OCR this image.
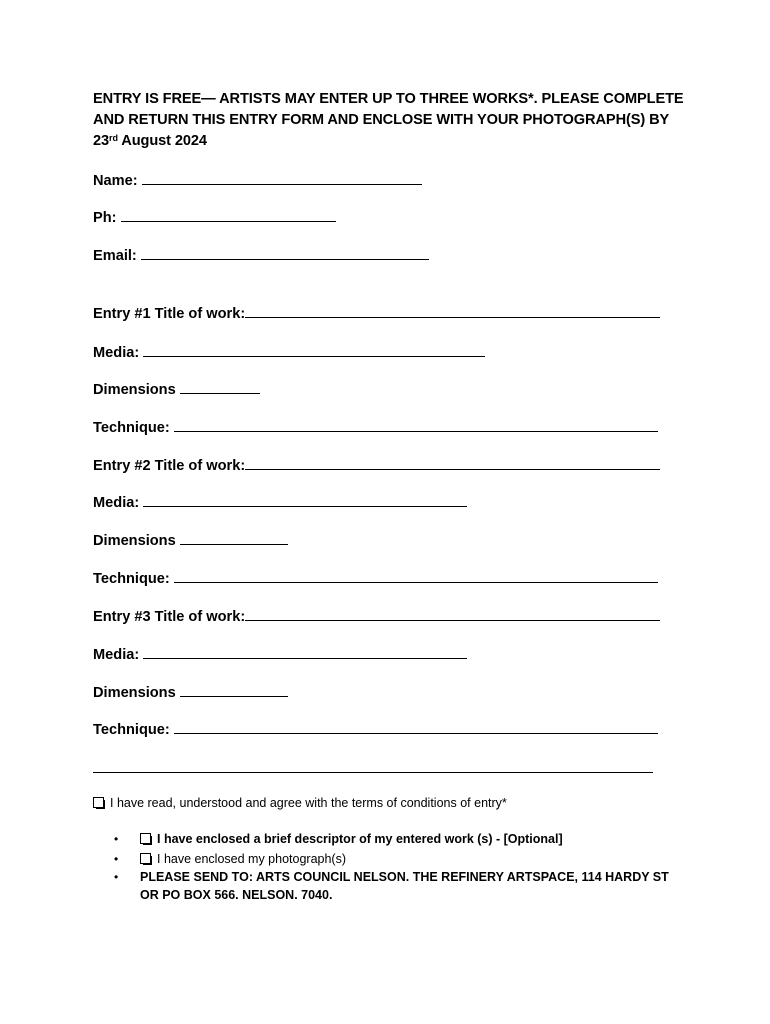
ENTRY IS FREE— ARTISTS MAY ENTER UP TO THREE WORKS*. PLEASE COMPLETE AND RETURN THIS ENTRY FORM AND ENCLOSE WITH YOUR PHOTOGRAPH(S) BY 23rd August 2024
Name:
Ph:
Email:
Entry #1 Title of work:
Media:
Dimensions
Technique:
Entry #2 Title of work:
Media:
Dimensions
Technique:
Entry #3 Title of work:
Media:
Dimensions
Technique:
I have read, understood and agree with the terms of conditions of entry*
•	I have enclosed a brief descriptor of my entered work (s) - [Optional]
•	I have enclosed my photograph(s)
• PLEASE SEND TO: ARTS COUNCIL NELSON. THE REFINERY ARTSPACE, 114 HARDY ST OR PO BOX 566. NELSON. 7040.
